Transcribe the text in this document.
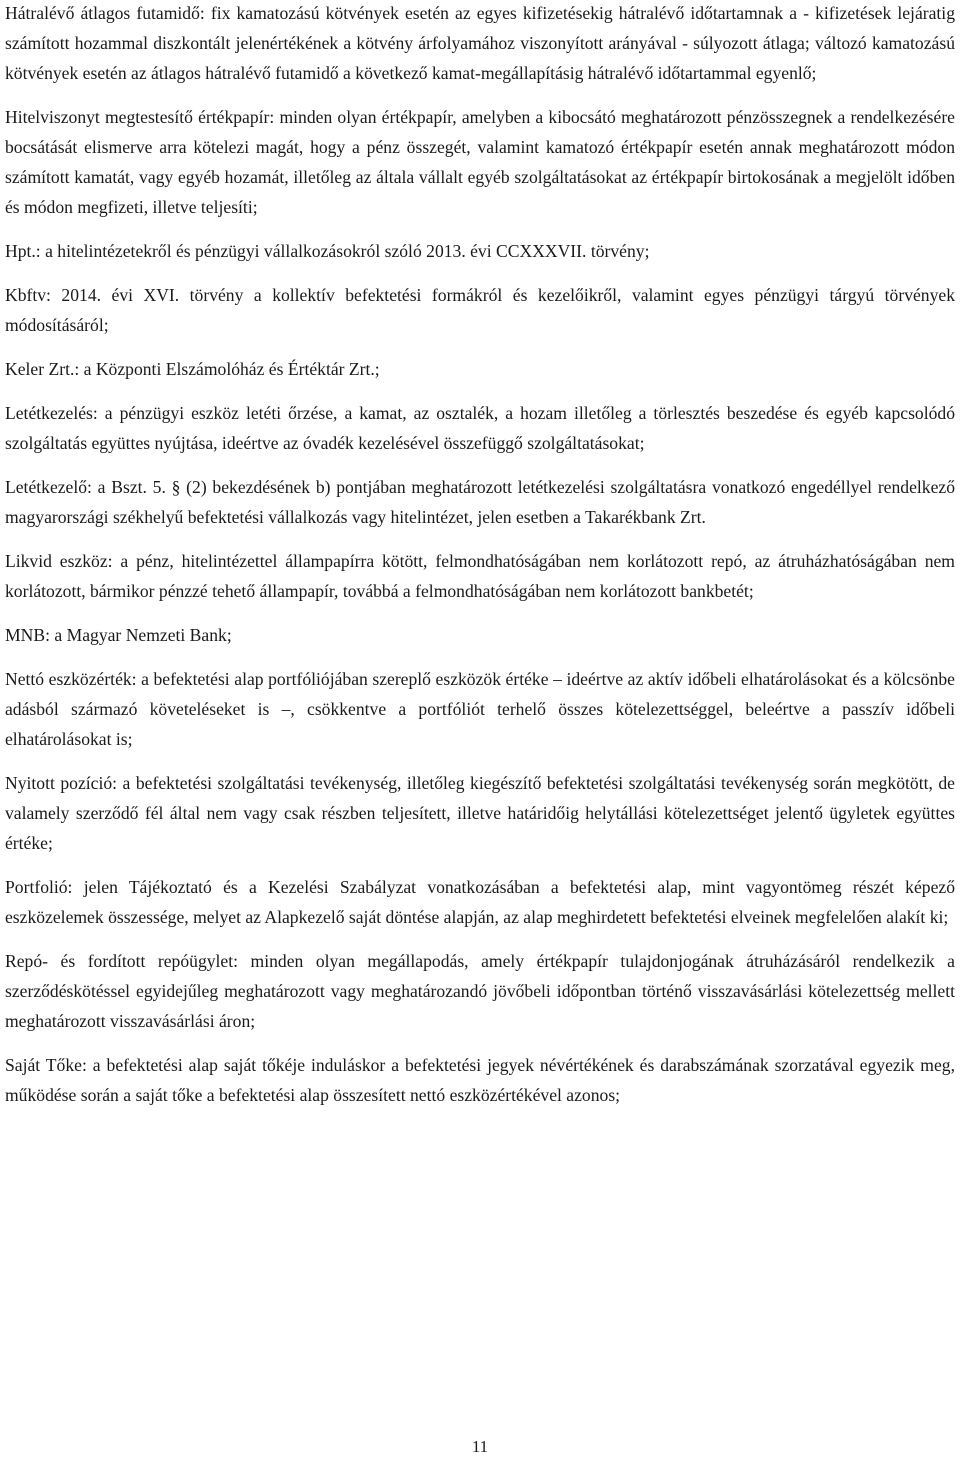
Hátralévő átlagos futamidő: fix kamatozású kötvények esetén az egyes kifizetésekig hátralévő időtartamnak a - kifizetések lejáratig számított hozammal diszkontált jelenértékének a kötvény árfolyamához viszonyított arányával - súlyozott átlaga; változó kamatozású kötvények esetén az átlagos hátralévő futamidő a következő kamat-megállapításig hátralévő időtartammal egyenlő;

Hitelviszonyt megtestesítő értékpapír: minden olyan értékpapír, amelyben a kibocsátó meghatározott pénzösszegnek a rendelkezésére bocsátását elismerve arra kötelezi magát, hogy a pénz összegét, valamint kamatozó értékpapír esetén annak meghatározott módon számított kamatát, vagy egyéb hozamát, illetőleg az általa vállalt egyéb szolgáltatásokat az értékpapír birtokosának a megjelölt időben és módon megfizeti, illetve teljesíti;

Hpt.: a hitelintézetekről és pénzügyi vállalkozásokról szóló 2013. évi CCXXXVII. törvény;

Kbftv: 2014. évi XVI. törvény a kollektív befektetési formákról és kezelőikről, valamint egyes pénzügyi tárgyú törvények módosításáról;

Keler Zrt.: a Központi Elszámolóház és Értéktár Zrt.;

Letétkezelés: a pénzügyi eszköz letéti őrzése, a kamat, az osztalék, a hozam illetőleg a törlesztés beszedése és egyéb kapcsolódó szolgáltatás együttes nyújtása, ideértve az óvadék kezelésével összefüggő szolgáltatásokat;

Letétkezelő: a Bszt. 5. § (2) bekezdésének b) pontjában meghatározott letétkezelési szolgáltatásra vonatkozó engedéllyel rendelkező magyarországi székhelyű befektetési vállalkozás vagy hitelintézet, jelen esetben a Takarékbank Zrt.

Likvid eszköz: a pénz, hitelintézettel állampapírra kötött, felmondhatóságában nem korlátozott repó, az átruházhatóságában nem korlátozott, bármikor pénzzé tehető állampapír, továbbá a felmondhatóságában nem korlátozott bankbetét;

MNB: a Magyar Nemzeti Bank;

Nettó eszközérték: a befektetési alap portfóliójában szereplő eszközök értéke – ideértve az aktív időbeli elhatárolásokat és a kölcsönbe adásból származó követeléseket is –, csökkentve a portfóliót terhelő összes kötelezettséggel, beleértve a passzív időbeli elhatárolásokat is;

Nyitott pozíció: a befektetési szolgáltatási tevékenység, illetőleg kiegészítő befektetési szolgáltatási tevékenység során megkötött, de valamely szerződő fél által nem vagy csak részben teljesített, illetve határidőig helytállási kötelezettséget jelentő ügyletek együttes értéke;

Portfolió: jelen Tájékoztató és a Kezelési Szabályzat vonatkozásában a befektetési alap, mint vagyontömeg részét képező eszközelemek összessége, melyet az Alapkezelő saját döntése alapján, az alap meghirdetett befektetési elveinek megfelelően alakít ki;

Repó- és fordított repóügylet: minden olyan megállapodás, amely értékpapír tulajdonjogának átruházásáról rendelkezik a szerződéskötéssel egyidejűleg meghatározott vagy meghatározandó jövőbeli időpontban történő visszavásárlási kötelezettség mellett meghatározott visszavásárlási áron;

Saját Tőke: a befektetési alap saját tőkéje induláskor a befektetési jegyek névértékének és darabszámának szorzatával egyezik meg, működése során a saját tőke a befektetési alap összesített nettó eszközértékével azonos;

11
